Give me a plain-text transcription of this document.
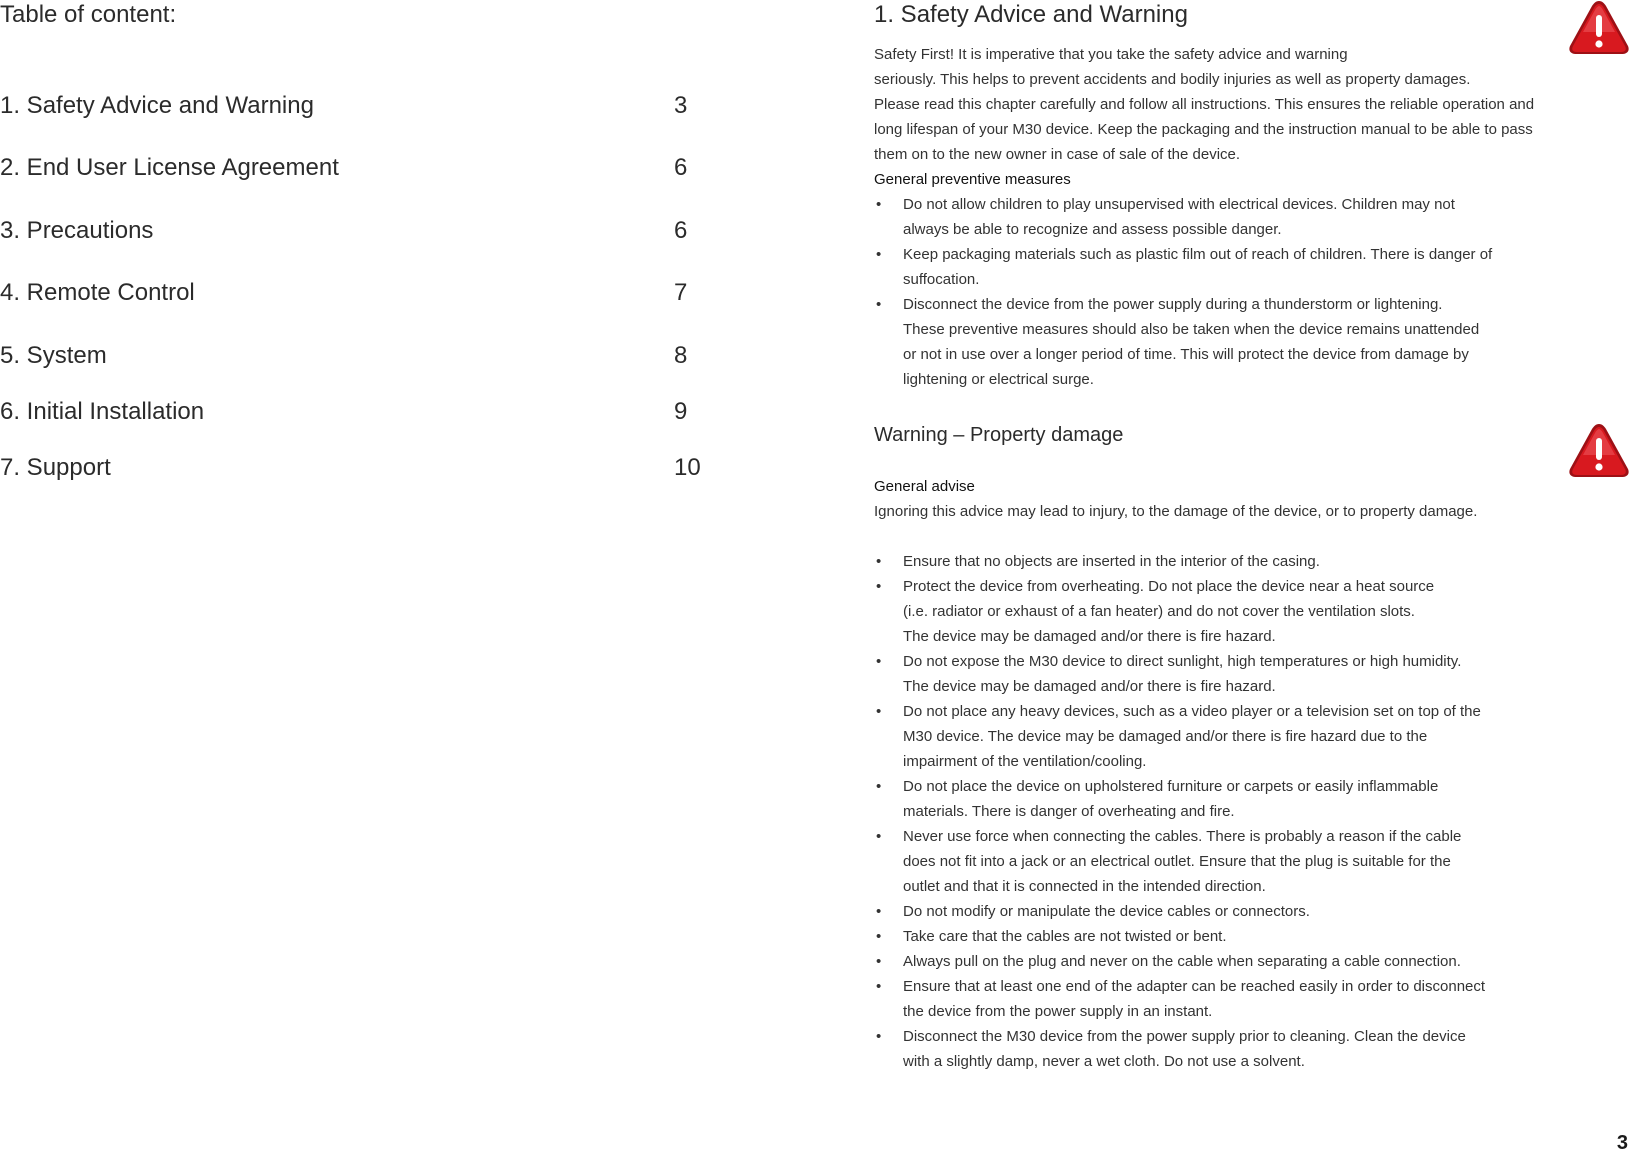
Table of content:
1. Safety Advice and Warning	3
2. End User License Agreement	6
3. Precautions	6
4. Remote Control	7
5. System	8
6. Initial Installation	9
7. Support	10
1. Safety Advice and Warning
Safety First! It is imperative that you take the safety advice and warning
seriously. This helps to prevent accidents and bodily injuries as well as property damages.
Please read this chapter carefully and follow all instructions. This ensures the reliable operation and
long lifespan of your M30 device. Keep the packaging and the instruction manual to be able to pass
them on to the new owner in case of sale of the device.
General preventive measures
• Do not allow children to play unsupervised with electrical devices. Children may not
always be able to recognize and assess possible danger.
• Keep packaging materials such as plastic film out of reach of children. There is danger of
suffocation.
• Disconnect the device from the power supply during a thunderstorm or lightening.
These preventive measures should also be taken when the device remains unattended
or not in use over a longer period of time. This will protect the device from damage by
lightening or electrical surge.
Warning – Property damage
General advise
Ignoring this advice may lead to injury, to the damage of the device, or to property damage.
• Ensure that no objects are inserted in the interior of the casing.
• Protect the device from overheating. Do not place the device near a heat source
(i.e. radiator or exhaust of a fan heater) and do not cover the ventilation slots.
The device may be damaged and/or there is fire hazard.
• Do not expose the M30 device to direct sunlight, high temperatures or high humidity.
The device may be damaged and/or there is fire hazard.
• Do not place any heavy devices, such as a video player or a television set on top of the
M30 device. The device may be damaged and/or there is fire hazard due to the
impairment of the ventilation/cooling.
• Do not place the device on upholstered furniture or carpets or easily inflammable
materials. There is danger of overheating and fire.
• Never use force when connecting the cables. There is probably a reason if the cable
does not fit into a jack or an electrical outlet. Ensure that the plug is suitable for the
outlet and that it is connected in the intended direction.
• Do not modify or manipulate the device cables or connectors.
• Take care that the cables are not twisted or bent.
• Always pull on the plug and never on the cable when separating a cable connection.
• Ensure that at least one end of the adapter can be reached easily in order to disconnect
the device from the power supply in an instant.
• Disconnect the M30 device from the power supply prior to cleaning. Clean the device
with a slightly damp, never a wet cloth. Do not use a solvent.
3
